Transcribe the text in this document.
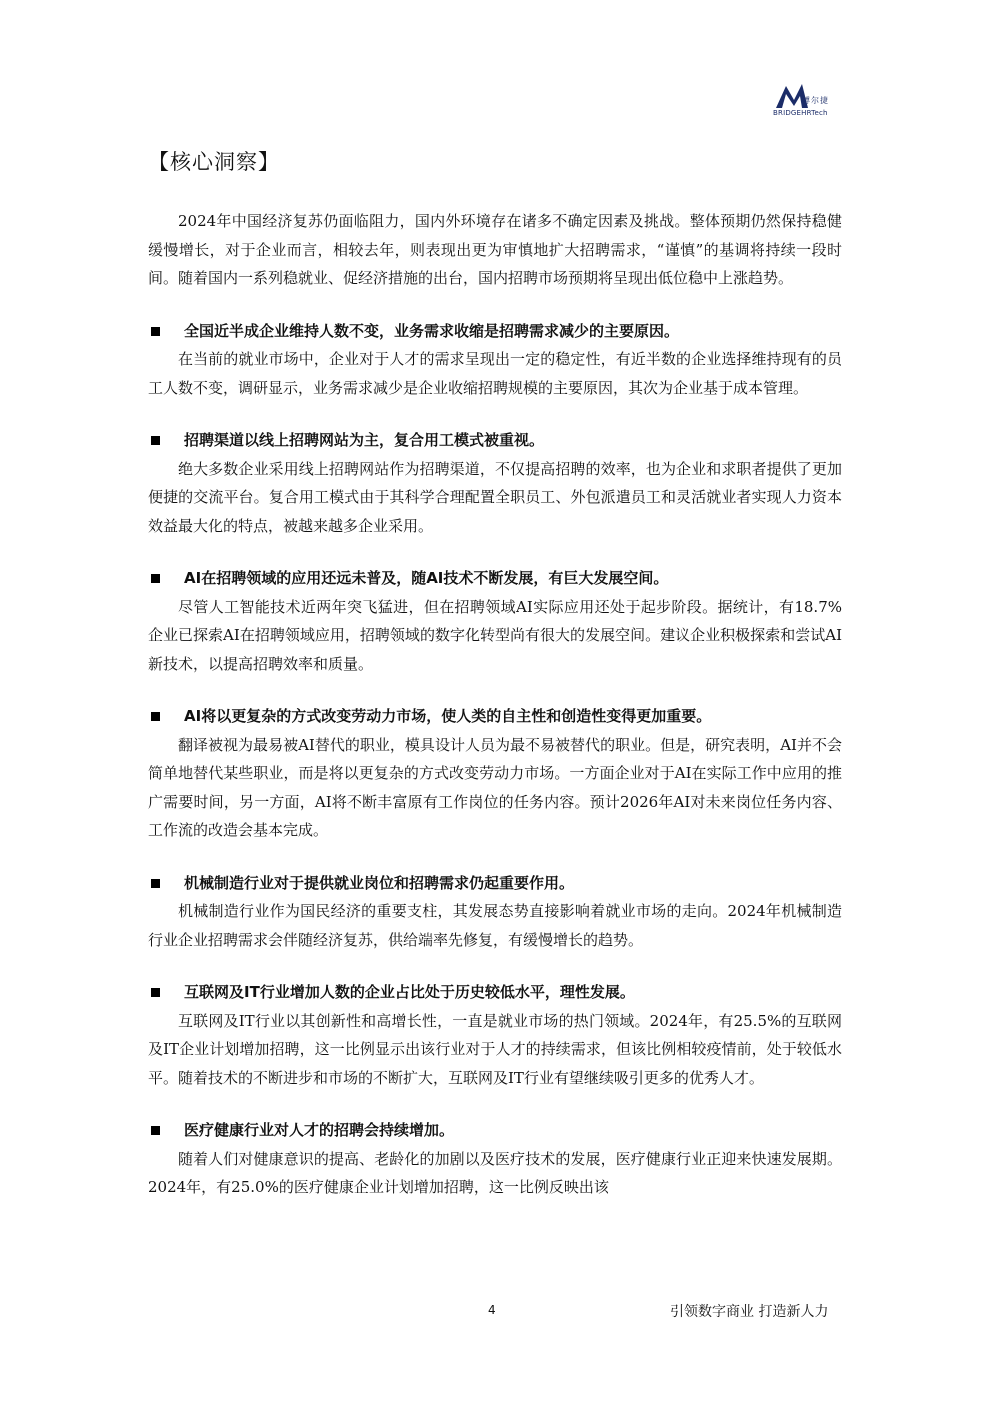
博尔捷
BRIDGEHRTech
【核心洞察】

2024年中国经济复苏仍面临阻力，国内外环境存在诸多不确定因素及挑战。整体预期仍然保持稳健缓慢增长，对于企业而言，相较去年，则表现出更为审慎地扩大招聘需求，“谨慎”的基调将持续一段时间。随着国内一系列稳就业、促经济措施的出台，国内招聘市场预期将呈现出低位稳中上涨趋势。

全国近半成企业维持人数不变，业务需求收缩是招聘需求减少的主要原因。

在当前的就业市场中，企业对于人才的需求呈现出一定的稳定性，有近半数的企业选择维持现有的员工人数不变，调研显示，业务需求减少是企业收缩招聘规模的主要原因，其次为企业基于成本管理。

招聘渠道以线上招聘网站为主，复合用工模式被重视。

绝大多数企业采用线上招聘网站作为招聘渠道，不仅提高招聘的效率，也为企业和求职者提供了更加便捷的交流平台。复合用工模式由于其科学合理配置全职员工、外包派遣员工和灵活就业者实现人力资本效益最大化的特点，被越来越多企业采用。

AI在招聘领域的应用还远未普及，随AI技术不断发展，有巨大发展空间。

尽管人工智能技术近两年突飞猛进，但在招聘领域AI实际应用还处于起步阶段。据统计，有18.7%企业已探索AI在招聘领域应用，招聘领域的数字化转型尚有很大的发展空间。建议企业积极探索和尝试AI新技术，以提高招聘效率和质量。

AI将以更复杂的方式改变劳动力市场，使人类的自主性和创造性变得更加重要。

翻译被视为最易被AI替代的职业，模具设计人员为最不易被替代的职业。但是，研究表明，AI并不会简单地替代某些职业，而是将以更复杂的方式改变劳动力市场。一方面企业对于AI在实际工作中应用的推广需要时间，另一方面，AI将不断丰富原有工作岗位的任务内容。预计2026年AI对未来岗位任务内容、工作流的改造会基本完成。

机械制造行业对于提供就业岗位和招聘需求仍起重要作用。

机械制造行业作为国民经济的重要支柱，其发展态势直接影响着就业市场的走向。2024年机械制造行业企业招聘需求会伴随经济复苏，供给端率先修复，有缓慢增长的趋势。

互联网及IT行业增加人数的企业占比处于历史较低水平，理性发展。

互联网及IT行业以其创新性和高增长性，一直是就业市场的热门领域。2024年，有25.5%的互联网及IT企业计划增加招聘，这一比例显示出该行业对于人才的持续需求，但该比例相较疫情前，处于较低水平。随着技术的不断进步和市场的不断扩大，互联网及IT行业有望继续吸引更多的优秀人才。

医疗健康行业对人才的招聘会持续增加。

随着人们对健康意识的提高、老龄化的加剧以及医疗技术的发展，医疗健康行业正迎来快速发展期。2024年，有25.0%的医疗健康企业计划增加招聘，这一比例反映出该

4	引领数字商业 打造新人力
